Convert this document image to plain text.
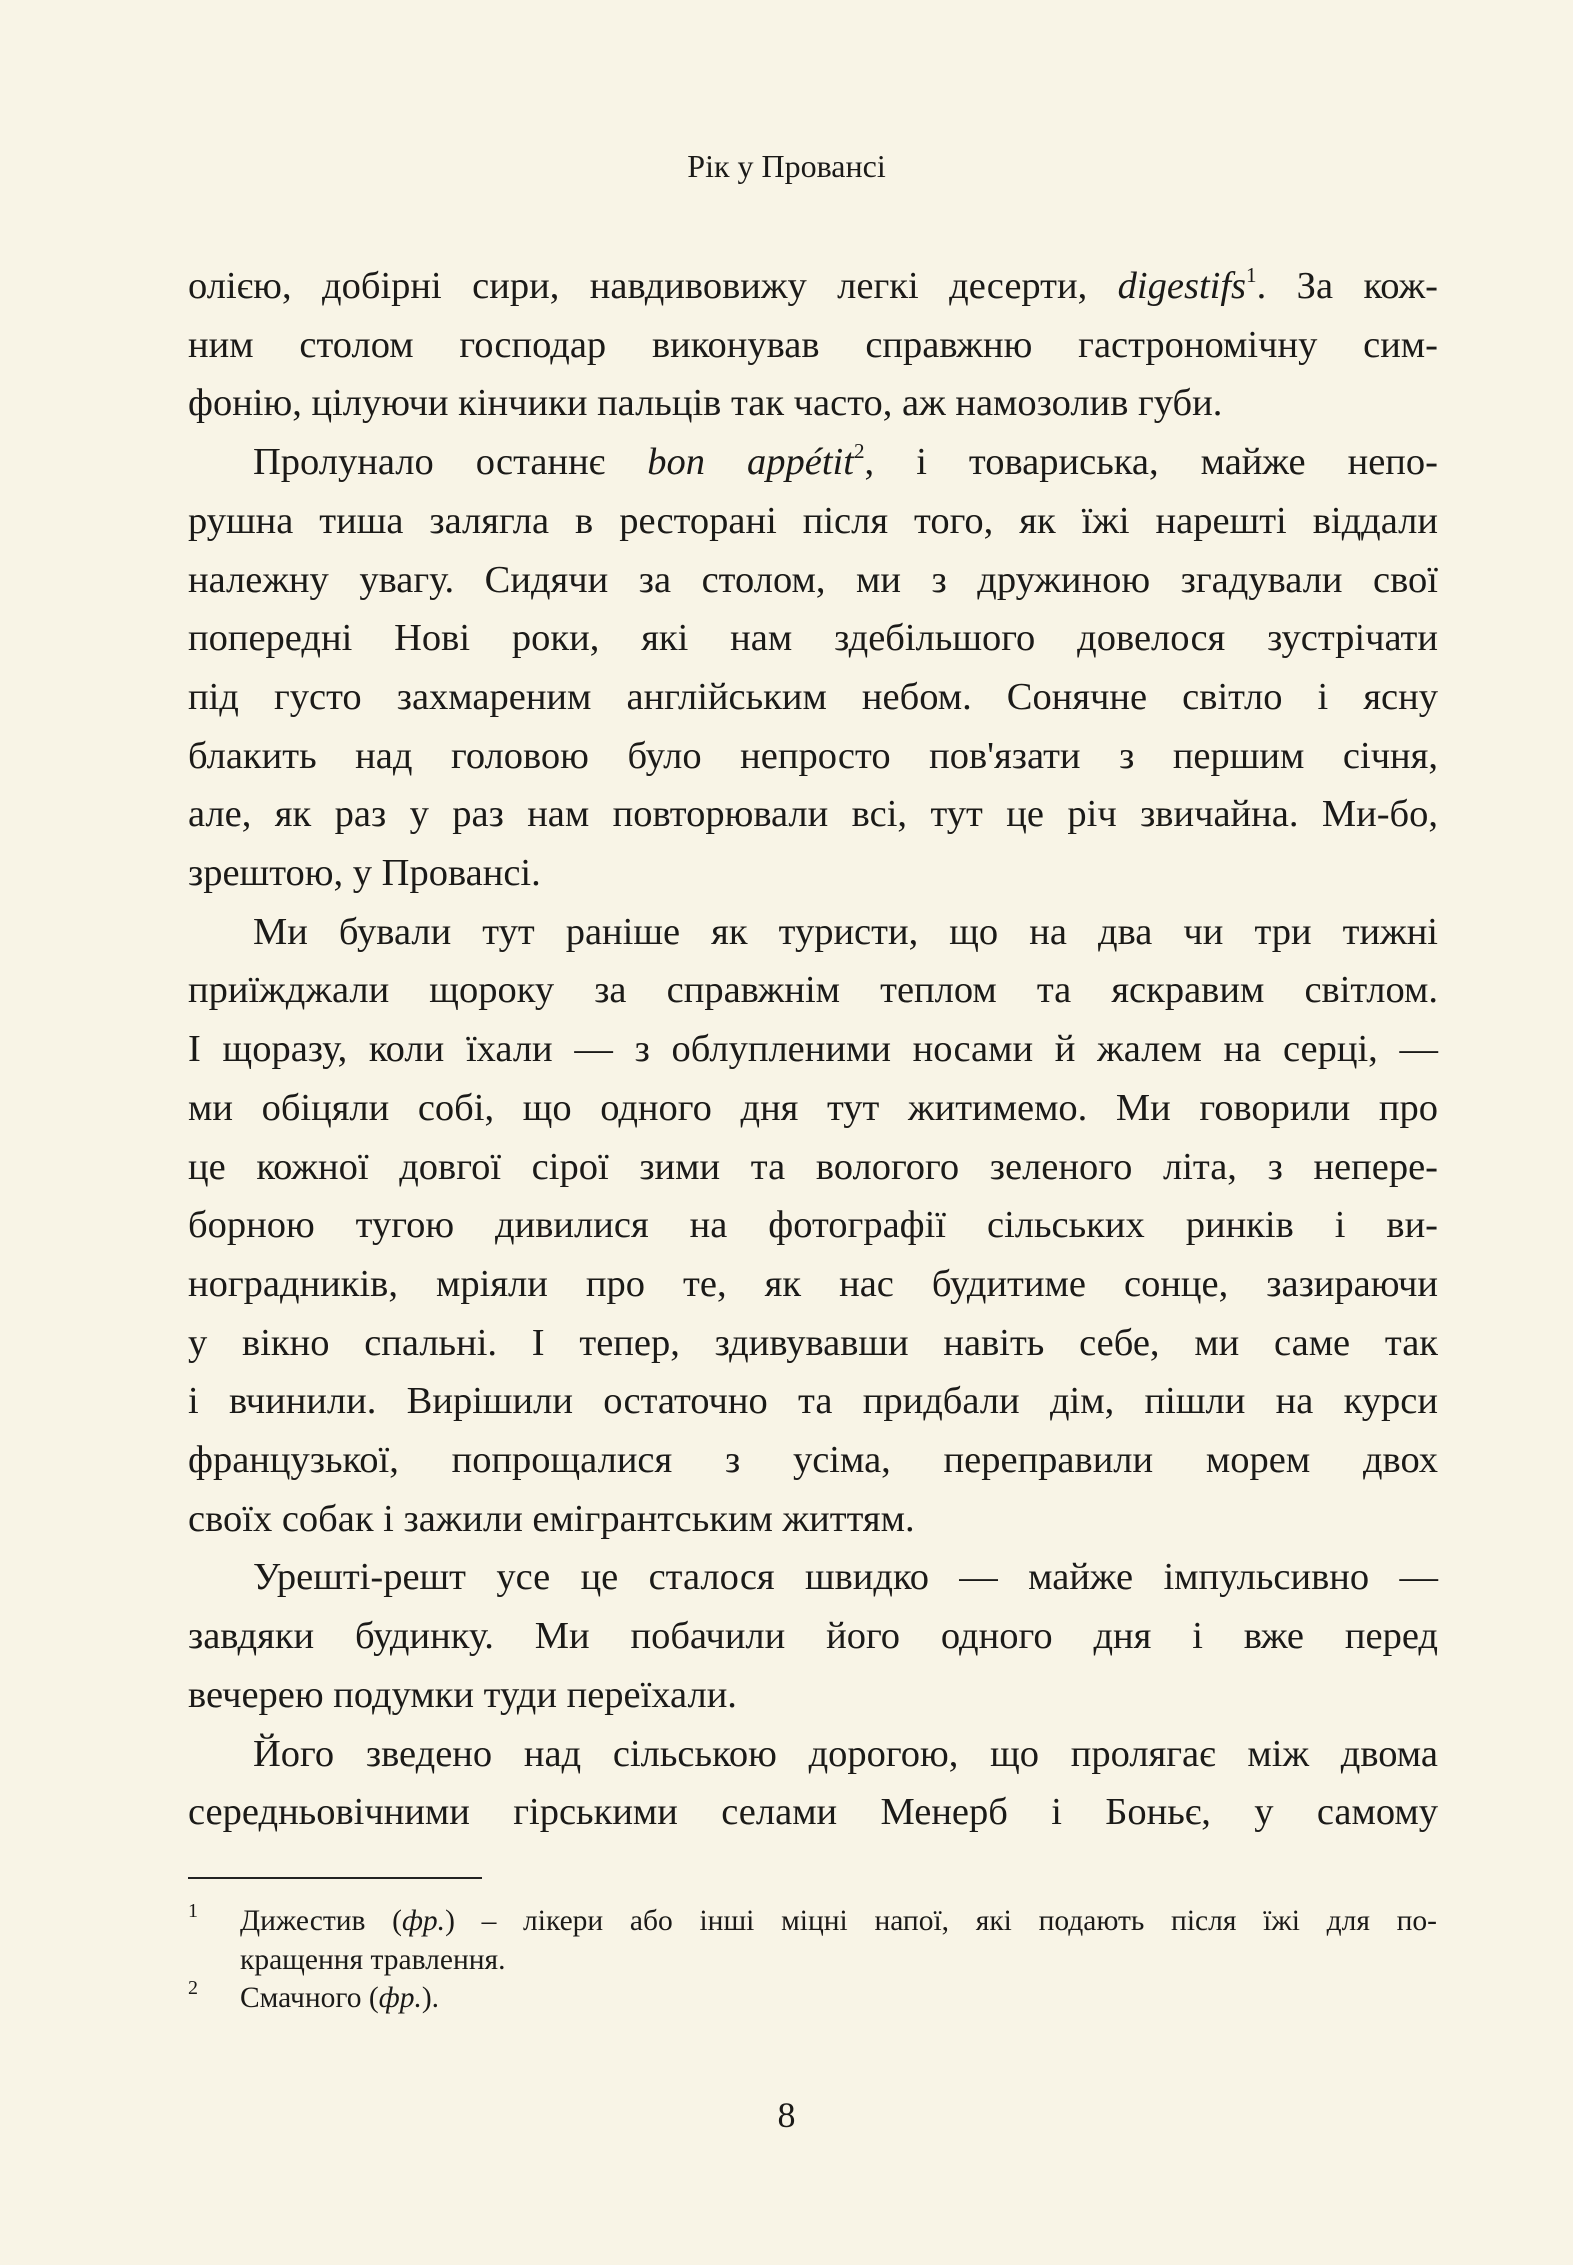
Рік у Провансі
олією, добірні сири, навдивовижу легкі десерти, digestifs$^1$. За кож-
ним столом господар виконував справжню гастрономічну сим-
фонію, цілуючи кінчики пальців так часто, аж намозолив губи.
Пролунало останнє bon appétit$^2$, і товариська, майже непо-
рушна тиша залягла в ресторані після того, як їжі нарешті віддали
належну увагу. Сидячи за столом, ми з дружиною згадували свої
попередні Нові роки, які нам здебільшого довелося зустрічати
під густо захмареним англійським небом. Сонячне світло і ясну
блакить над головою було непросто пов'язати з першим січня,
але, як раз у раз нам повторювали всі, тут це річ звичайна. Ми-бо,
зрештою, у Провансі.
Ми бували тут раніше як туристи, що на два чи три тижні
приїжджали щороку за справжнім теплом та яскравим світлом.
І щоразу, коли їхали — з облупленими носами й жалем на серці, —
ми обіцяли собі, що одного дня тут житимемо. Ми говорили про
це кожної довгої сірої зими та вологого зеленого літа, з непере-
борною тугою дивилися на фотографії сільських ринків і ви-
ноградників, мріяли про те, як нас будитиме сонце, зазираючи
у вікно спальні. І тепер, здивувавши навіть себе, ми саме так
і вчинили. Вирішили остаточно та придбали дім, пішли на курси
французької, попрощалися з усіма, переправили морем двох
своїх собак і зажили емігрантським життям.
Урешті-решт усе це сталося швидко — майже імпульсивно —
завдяки будинку. Ми побачили його одного дня і вже перед
вечерею подумки туди переїхали.
Його зведено над сільською дорогою, що пролягає між двома
середньовічними гірськими селами Менерб і Боньє, у самому
1 Дижестив (фр.) – лікери або інші міцні напої, які подають після їжі для по-
кращення травлення.
2 Смачного (фр.).
8
